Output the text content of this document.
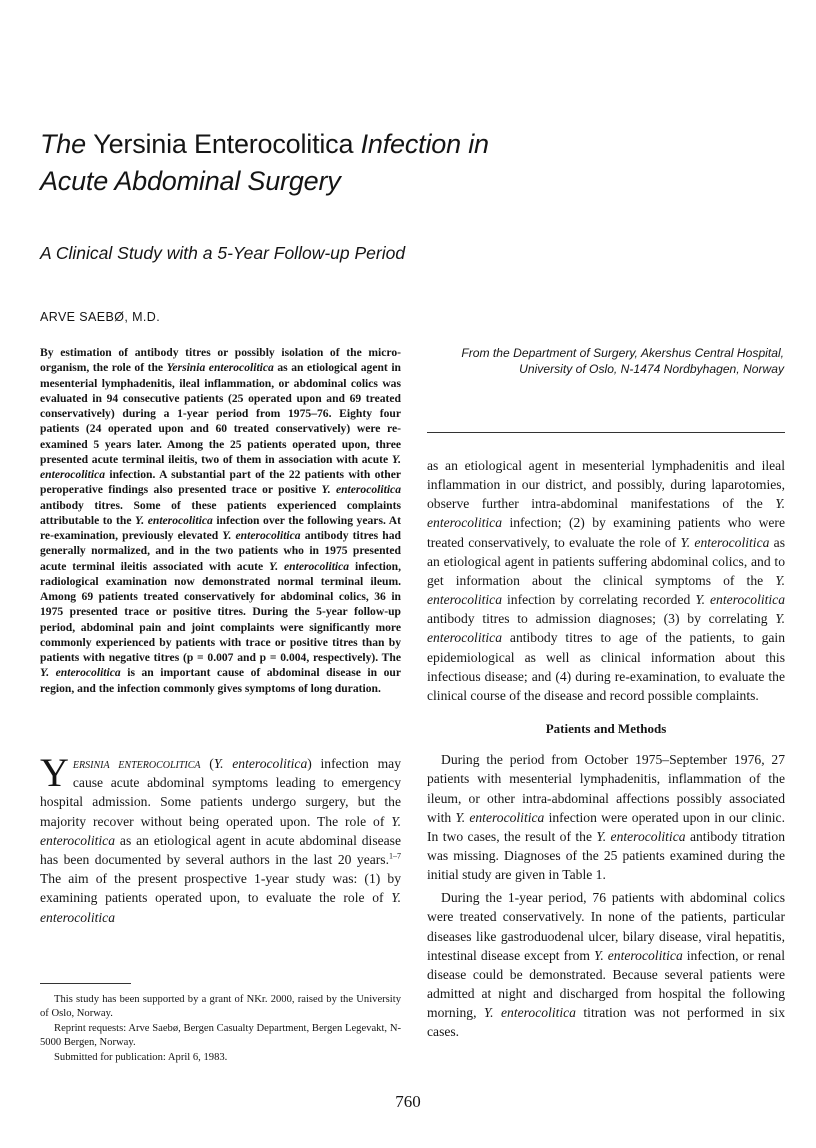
The Yersinia Enterocolitica Infection in
Acute Abdominal Surgery
A Clinical Study with a 5-Year Follow-up Period
ARVE SAEBØ, M.D.
By estimation of antibody titres or possibly isolation of the micro-organism, the role of the Yersinia enterocolitica as an etiological agent in mesenterial lymphadenitis, ileal inflammation, or abdominal colics was evaluated in 94 consecutive patients (25 operated upon and 69 treated conservatively) during a 1-year period from 1975–76. Eighty four patients (24 operated upon and 60 treated conservatively) were re-examined 5 years later. Among the 25 patients operated upon, three presented acute terminal ileitis, two of them in association with acute Y. enterocolitica infection. A substantial part of the 22 patients with other peroperative findings also presented trace or positive Y. enterocolitica antibody titres. Some of these patients experienced complaints attributable to the Y. enterocolitica infection over the following years. At re-examination, previously elevated Y. enterocolitica antibody titres had generally normalized, and in the two patients who in 1975 presented acute terminal ileitis associated with acute Y. enterocolitica infection, radiological examination now demonstrated normal terminal ileum. Among 69 patients treated conservatively for abdominal colics, 36 in 1975 presented trace or positive titres. During the 5-year follow-up period, abdominal pain and joint complaints were significantly more commonly experienced by patients with trace or positive titres than by patients with negative titres (p = 0.007 and p = 0.004, respectively). The Y. enterocolitica is an important cause of abdominal disease in our region, and the infection commonly gives symptoms of long duration.
From the Department of Surgery, Akershus Central Hospital,
University of Oslo, N-1474 Nordbyhagen, Norway
Yersinia enterocolitica (Y. enterocolitica) infection may cause acute abdominal symptoms leading to emergency hospital admission. Some patients undergo surgery, but the majority recover without being operated upon. The role of Y. enterocolitica as an etiological agent in acute abdominal disease has been documented by several authors in the last 20 years.$^{1-7}$ The aim of the present prospective 1-year study was: (1) by examining patients operated upon, to evaluate the role of Y. enterocolitica

This study has been supported by a grant of NKr. 2000, raised by the University of Oslo, Norway.

Reprint requests: Arve Saebø, Bergen Casualty Department, Bergen Legevakt, N-5000 Bergen, Norway.

Submitted for publication: April 6, 1983.

as an etiological agent in mesenterial lymphadenitis and ileal inflammation in our district, and possibly, during laparotomies, observe further intra-abdominal manifestations of the Y. enterocolitica infection; (2) by examining patients who were treated conservatively, to evaluate the role of Y. enterocolitica as an etiological agent in patients suffering abdominal colics, and to get information about the clinical symptoms of the Y. enterocolitica infection by correlating recorded Y. enterocolitica antibody titres to admission diagnoses; (3) by correlating Y. enterocolitica antibody titres to age of the patients, to gain epidemiological as well as clinical information about this infectious disease; and (4) during re-examination, to evaluate the clinical course of the disease and record possible complaints.

Patients and Methods

During the period from October 1975–September 1976, 27 patients with mesenterial lymphadenitis, inflammation of the ileum, or other intra-abdominal affections possibly associated with Y. enterocolitica infection were operated upon in our clinic. In two cases, the result of the Y. enterocolitica antibody titration was missing. Diagnoses of the 25 patients examined during the initial study are given in Table 1.

During the 1-year period, 76 patients with abdominal colics were treated conservatively. In none of the patients, particular diseases like gastroduodenal ulcer, bilary disease, viral hepatitis, intestinal disease except from Y. enterocolitica infection, or renal disease could be demonstrated. Because several patients were admitted at night and discharged from hospital the following morning, Y. enterocolitica titration was not performed in six cases.

760
